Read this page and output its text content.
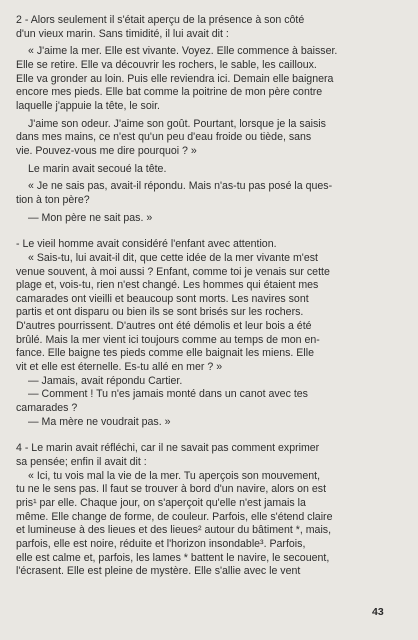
2 - Alors seulement il s'était aperçu de la présence à son côté
d'un vieux marin. Sans timidité, il lui avait dit :
« J'aime la mer. Elle est vivante. Voyez. Elle commence à baisser.
Elle se retire. Elle va découvrir les rochers, le sable, les cailloux.
Elle va gronder au loin. Puis elle reviendra ici. Demain elle baignera
encore mes pieds. Elle bat comme la poitrine de mon père contre
laquelle j'appuie la tête, le soir.
J'aime son odeur. J'aime son goût. Pourtant, lorsque je la saisis
dans mes mains, ce n'est qu'un peu d'eau froide ou tiède, sans
vie. Pouvez-vous me dire pourquoi ? »
Le marin avait secoué la tête.
« Je ne sais pas, avait-il répondu. Mais n'as-tu pas posé la ques-
tion à ton père?
— Mon père ne sait pas. »
- Le vieil homme avait considéré l'enfant avec attention.
« Sais-tu, lui avait-il dit, que cette idée de la mer vivante m'est
venue souvent, à moi aussi ? Enfant, comme toi je venais sur cette
plage et, vois-tu, rien n'est changé. Les hommes qui étaient mes
camarades ont vieilli et beaucoup sont morts. Les navires sont
partis et ont disparu ou bien ils se sont brisés sur les rochers.
D'autres pourrissent. D'autres ont été démolis et leur bois a été
brûlé. Mais la mer vient ici toujours comme au temps de mon en-
fance. Elle baigne tes pieds comme elle baignait les miens. Elle
vit et elle est éternelle. Es-tu allé en mer ? »
— Jamais, avait répondu Cartier.
— Comment ! Tu n'es jamais monté dans un canot avec tes
camarades ?
— Ma mère ne voudrait pas. »
4 - Le marin avait réfléchi, car il ne savait pas comment exprimer
sa pensée; enfin il avait dit :
« Ici, tu vois mal la vie de la mer. Tu aperçois son mouvement,
tu ne le sens pas. Il faut se trouver à bord d'un navire, alors on est
pris¹ par elle. Chaque jour, on s'aperçoit qu'elle n'est jamais la
même. Elle change de forme, de couleur. Parfois, elle s'étend claire
et lumineuse à des lieues et des lieues² autour du bâtiment *, mais,
parfois, elle est noire, réduite et l'horizon insondable³. Parfois,
elle est calme et, parfois, les lames * battent le navire, le secouent,
l'écrasent. Elle est pleine de mystère. Elle s'allie avec le vent
43
